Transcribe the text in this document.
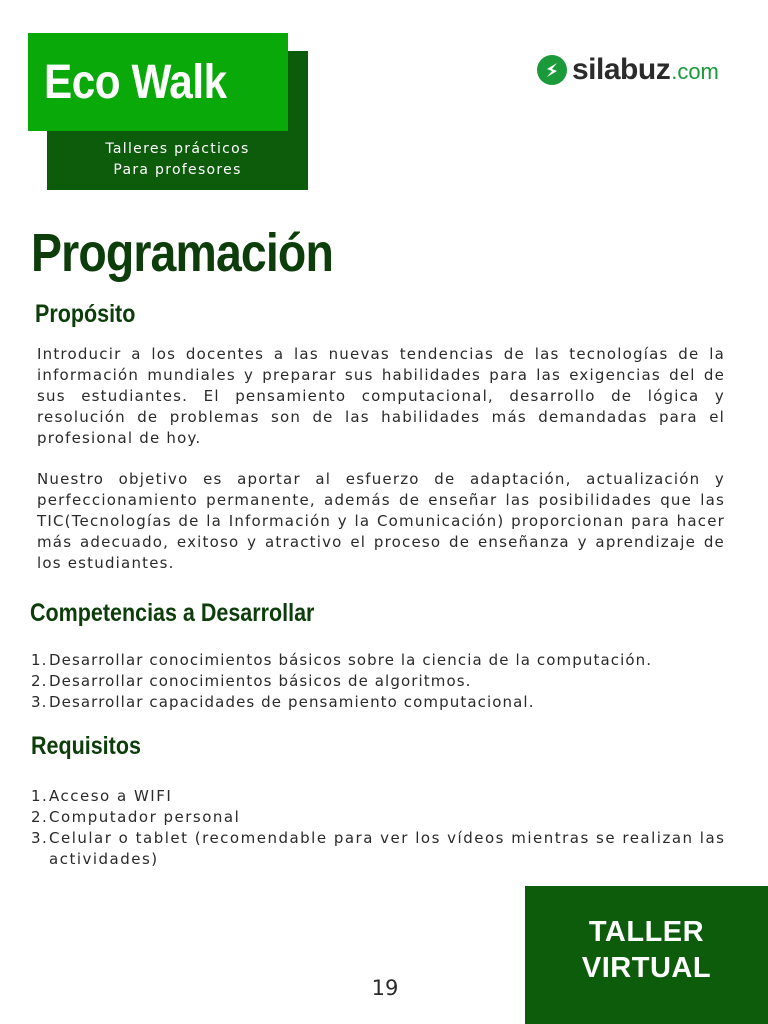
Eco Walk
Talleres prácticos
Para profesores
silabuz .com
Programación
Propósito

Introducir a los docentes a las nuevas tendencias de las tecnologías de la información mundiales y preparar sus habilidades para las exigencias del de sus estudiantes. El pensamiento computacional, desarrollo de lógica y resolución de problemas son de las habilidades más demandadas para el profesional de hoy.

Nuestro objetivo es aportar al esfuerzo de adaptación, actualización y perfeccionamiento permanente, además de enseñar las posibilidades que las TIC(Tecnologías de la Información y la Comunicación) proporcionan para hacer más adecuado, exitoso y atractivo el proceso de enseñanza y aprendizaje de los estudiantes.

Competencias a Desarrollar
1. Desarrollar conocimientos básicos sobre la ciencia de la computación.
2. Desarrollar conocimientos básicos de algoritmos.
3. Desarrollar capacidades de pensamiento computacional.
Requisitos
1. Acceso a WIFI
2. Computador personal
3. Celular o tablet (recomendable para ver los vídeos mientras se realizan las actividades)
TALLER
VIRTUAL
19
